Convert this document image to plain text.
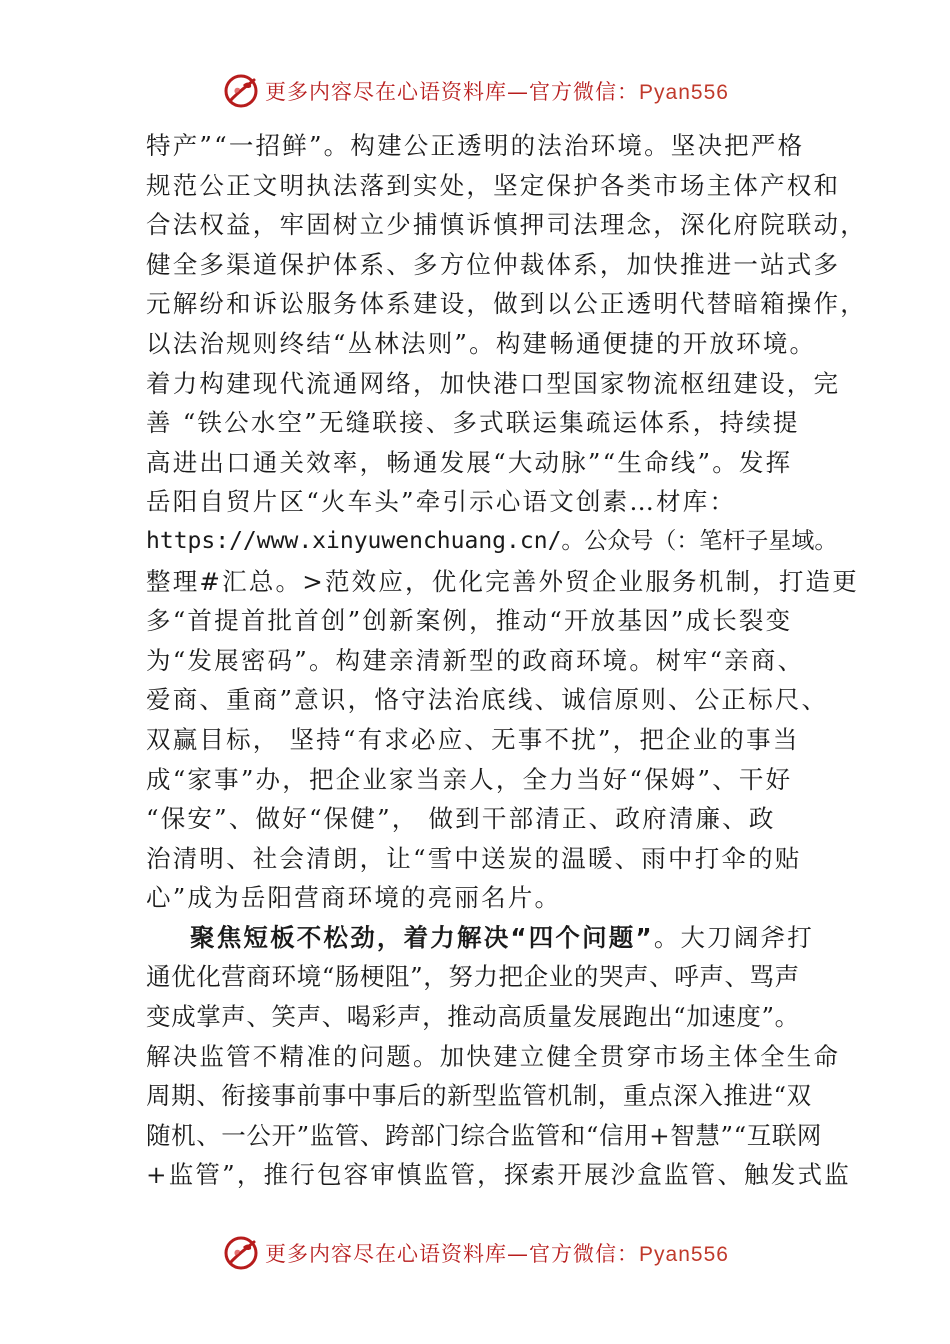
更多内容尽在心语资料库—官方微信：Pyan556
特产”“一招鲜”。构建公正透明的法治环境。坚决把严格
规范公正文明执法落到实处，坚定保护各类市场主体产权和
合法权益，牢固树立少捕慎诉慎押司法理念，深化府院联动，
健全多渠道保护体系、多方位仲裁体系，加快推进一站式多
元解纷和诉讼服务体系建设，做到以公正透明代替暗箱操作，
以法治规则终结“丛林法则”。构建畅通便捷的开放环境。
着力构建现代流通网络，加快港口型国家物流枢纽建设，完
善 “铁公水空”无缝联接、多式联运集疏运体系，持续提
高进出口通关效率，畅通发展“大动脉”“生命线”。发挥
岳阳自贸片区“火车头”牵引示心语文创素…材库：
https://www.xinyuwenchuang.cn/。公众号（：笔杆子星域。
整理#汇总。>范效应，优化完善外贸企业服务机制，打造更
多“首提首批首创”创新案例，推动“开放基因”成长裂变
为“发展密码”。构建亲清新型的政商环境。树牢“亲商、
爱商、重商”意识，恪守法治底线、诚信原则、公正标尺、
双赢目标， 坚持“有求必应、无事不扰”，把企业的事当
成“家事”办，把企业家当亲人，全力当好“保姆”、干好
“保安”、做好“保健”， 做到干部清正、政府清廉、政
治清明、社会清朗，让“雪中送炭的温暖、雨中打伞的贴
心”成为岳阳营商环境的亮丽名片。
聚焦短板不松劲，着力解决“四个问题”。大刀阔斧打
通优化营商环境“肠梗阻”，努力把企业的哭声、呼声、骂声
变成掌声、笑声、喝彩声，推动高质量发展跑出“加速度”。
解决监管不精准的问题。加快建立健全贯穿市场主体全生命
周期、衔接事前事中事后的新型监管机制，重点深入推进“双
随机、一公开”监管、跨部门综合监管和“信用+智慧”“互联网
+监管”，推行包容审慎监管，探索开展沙盒监管、触发式监
更多内容尽在心语资料库—官方微信：Pyan556
